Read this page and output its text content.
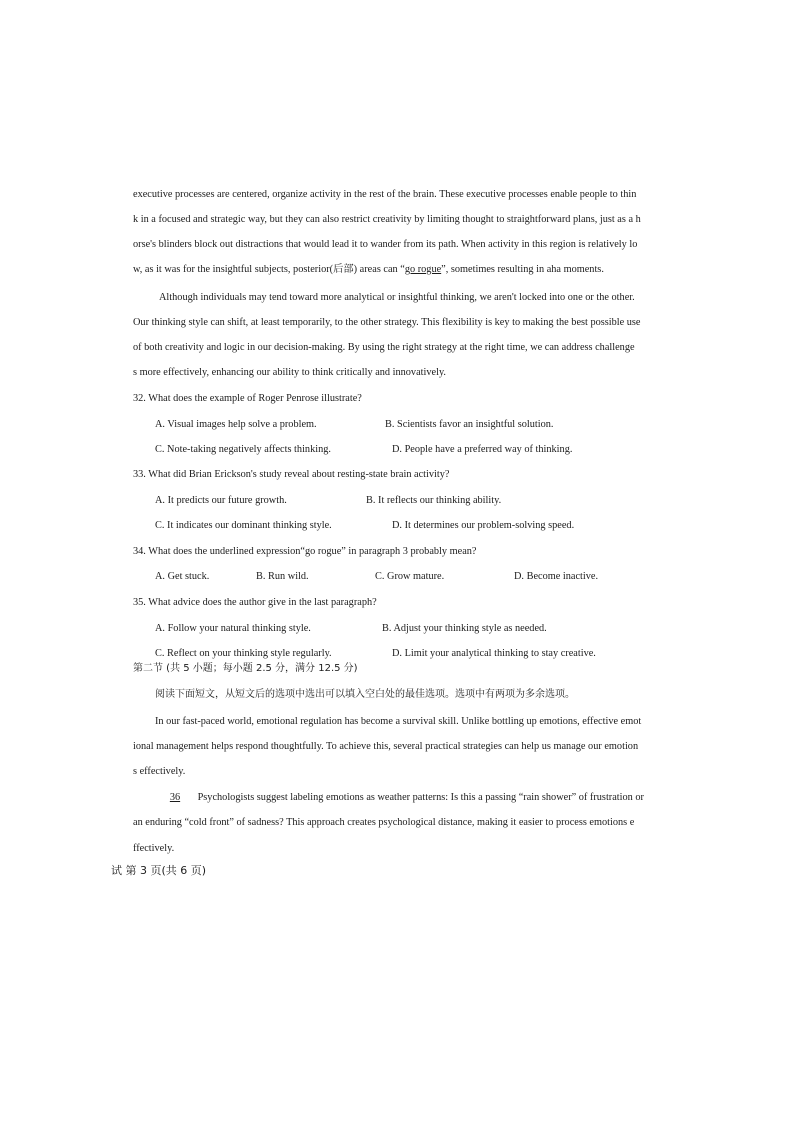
executive processes are centered, organize activity in the rest of the brain. These executive processes enable people to thin
k in a focused and strategic way, but they can also restrict creativity by limiting thought to straightforward plans, just as a h
orse's blinders block out distractions that would lead it to wander from its path. When activity in this region is relatively lo
w, as it was for the insightful subjects, posterior(后部) areas can “go rogue”, sometimes resulting in aha moments.
Although individuals may tend toward more analytical or insightful thinking, we aren't locked into one or the other.
Our thinking style can shift, at least temporarily, to the other strategy. This flexibility is key to making the best possible use
of both creativity and logic in our decision-making. By using the right strategy at the right time, we can address challenge
s more effectively, enhancing our ability to think critically and innovatively.
32. What does the example of Roger Penrose illustrate?
A. Visual images help solve a problem.	B. Scientists favor an insightful solution.
C. Note-taking negatively affects thinking.	D. People have a preferred way of thinking.
33. What did Brian Erickson's study reveal about resting-state brain activity?
A. It predicts our future growth.	B. It reflects our thinking ability.
C. It indicates our dominant thinking style.	D. It determines our problem-solving speed.
34. What does the underlined expression“go rogue” in paragraph 3 probably mean?
A. Get stuck.	B. Run wild.	C. Grow mature.	D. Become inactive.
35. What advice does the author give in the last paragraph?
A. Follow your natural thinking style.	B. Adjust your thinking style as needed.
C. Reflect on your thinking style regularly.	D. Limit your analytical thinking to stay creative.
第二节 (共 5 小题；每小题 2.5 分，满分 12.5 分)
阅读下面短文，从短文后的选项中选出可以填入空白处的最佳选项。选项中有两项为多余选项。
In our fast-paced world, emotional regulation has become a survival skill. Unlike bottling up emotions, effective emot
ional management helps respond thoughtfully. To achieve this, several practical strategies can help us manage our emotion
s effectively.
36 Psychologists suggest labeling emotions as weather patterns: Is this a passing “rain shower” of frustration or
an enduring “cold front” of sadness? This approach creates psychological distance, making it easier to process emotions e
ffectively.
试 第 3 页(共 6 页)
